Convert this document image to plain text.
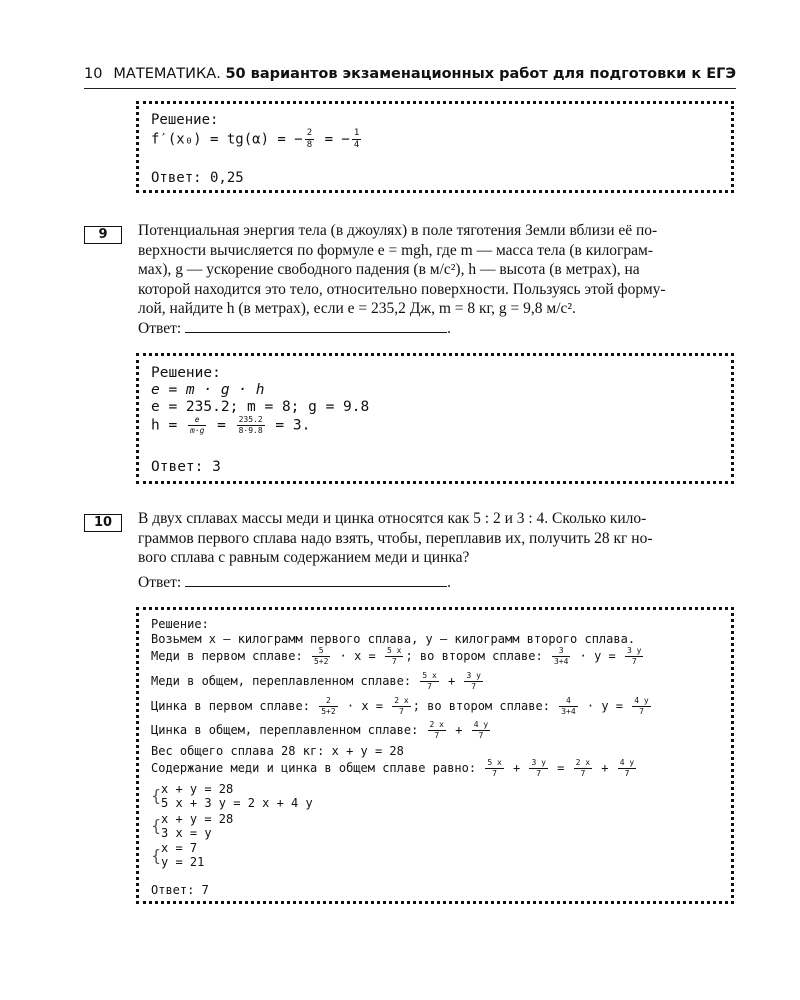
10 МАТЕМАТИКА. 50 вариантов экзаменационных работ для подготовки к ЕГЭ
Решение:
f′(x₀) = tg(α) = − $\frac{2}{8}$ = − $\frac{1}{4}$
Ответ: 0,25
9	Потенциальная энергия тела (в джоулях) в поле тяготения Земли вблизи её по-
верхности вычисляется по формуле e = mgh, где m — масса тела (в килограм-
мах), g — ускорение свободного падения (в м/с²), h — высота (в метрах), на
которой находится это тело, относительно поверхности. Пользуясь этой форму-
лой, найдите h (в метрах), если e = 235,2 Дж, m = 8 кг, g = 9,8 м/с².
Ответ:	.
Решение:
e = m · g · h
e = 235.2; m = 8; g = 9.8
$h = \frac{e}{m\cdot g} = \frac{235.2}{8\cdot 9.8} = 3$.
Ответ: 3
10	В двух сплавах массы меди и цинка относятся как 5 : 2 и 3 : 4. Сколько кило-
граммов первого сплава надо взять, чтобы, переплавив их, получить 28 кг но-
вого сплава с равным содержанием меди и цинка?
Ответ:	.
Решение:
Возьмем x – килограмм первого сплава, y – килограмм второго сплава.
Меди в первом сплаве: $\frac{5}{5+2} \cdot x = \frac{5 x}{7}$ ; во втором сплаве: $\frac{3}{3+4} \cdot y = \frac{3 y}{7}$
Меди в общем, переплавленном сплаве: $\frac{5 x}{7} + \frac{3 y}{7}$
Цинка в первом сплаве: $\frac{2}{5+2} \cdot x = \frac{2 x}{7}$ ; во втором сплаве: $\frac{4}{3+4} \cdot y = \frac{4 y}{7}$
Цинка в общем, переплавленном сплаве: $\frac{2 x}{7} + \frac{4 y}{7}$
Вес общего сплава 28 кг: x + y = 28
Содержание меди и цинка в общем сплаве равно: $\frac{5 x}{7} + \frac{3 y}{7} = \frac{2 x}{7} + \frac{4 y}{7}$
{ x + y = 28
5 x + 3 y = 2 x + 4 y
{ x + y = 28
3 x = y
{ x = 7
y = 21
Ответ: 7
